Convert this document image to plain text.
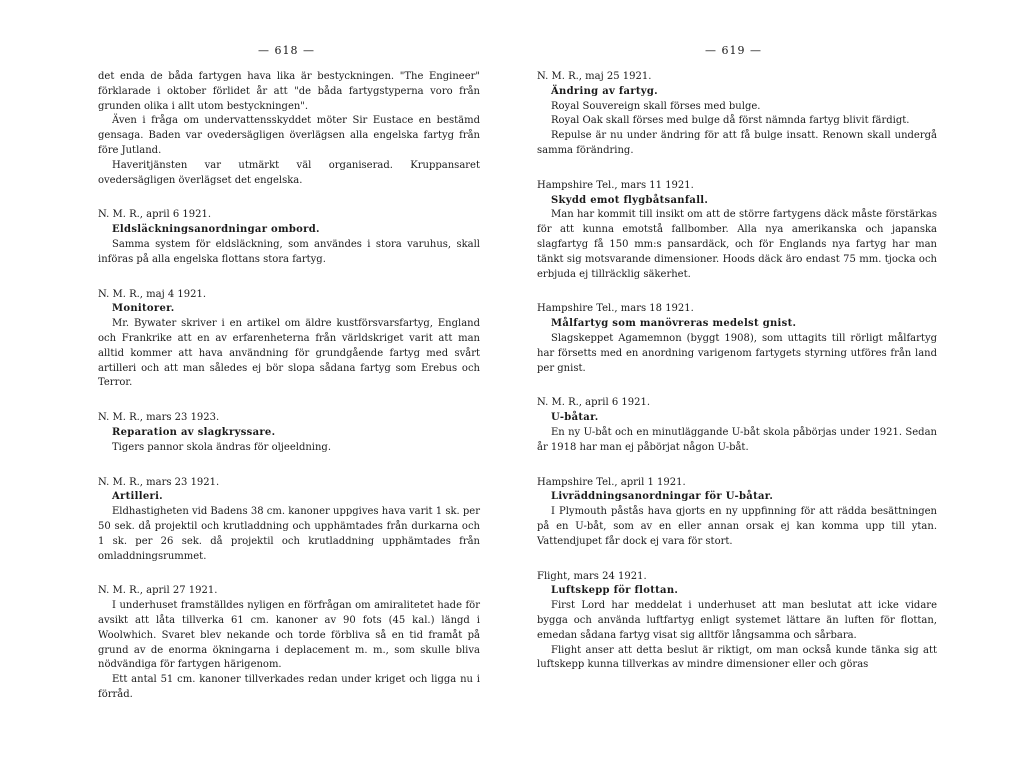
— 618 —
det enda de båda fartygen hava lika är bestyckningen. "The Engineer" förklarade i oktober förlidet år att "de båda fartygstyperna voro från grunden olika i allt utom bestyckningen".
Även i fråga om undervattensskyddet möter Sir Eustace en bestämd gensaga. Baden var ovedersägligen överlägsen alla engelska fartyg från före Jutland.
Haveritjänsten var utmärkt väl organiserad. Kruppansaret ovedersägligen överlägset det engelska.
N. M. R., april 6 1921.
Eldsläckningsanordningar ombord.
Samma system för eldsläckning, som användes i stora varuhus, skall införas på alla engelska flottans stora fartyg.
N. M. R., maj 4 1921.
Monitorer.
Mr. Bywater skriver i en artikel om äldre kustförsvarsfartyg, England och Frankrike att en av erfarenheterna från världskriget varit att man alltid kommer att hava användning för grundgående fartyg med svårt artilleri och att man således ej bör slopa sådana fartyg som Erebus och Terror.
N. M. R., mars 23 1923.
Reparation av slagkryssare.
Tigers pannor skola ändras för oljeeldning.
N. M. R., mars 23 1921.
Artilleri.
Eldhastigheten vid Badens 38 cm. kanoner uppgives hava varit 1 sk. per 50 sek. då projektil och krutladdning och upphämtades från durkarna och 1 sk. per 26 sek. då projektil och krutladdning upphämtades från omladdningsrummet.
N. M. R., april 27 1921.
I underhuset framställdes nyligen en förfrågan om amiralitetet hade för avsikt att låta tillverka 61 cm. kanoner av 90 fots (45 kal.) längd i Woolwhich. Svaret blev nekande och torde förbliva så en tid framåt på grund av de enorma ökningarna i deplacement m. m., som skulle bliva nödvändiga för fartygen härigenom.
Ett antal 51 cm. kanoner tillverkades redan under kriget och ligga nu i förråd.
— 619 —
N. M. R., maj 25 1921.
Ändring av fartyg.
Royal Souvereign skall förses med bulge.
Royal Oak skall förses med bulge då först nämnda fartyg blivit färdigt.
Repulse är nu under ändring för att få bulge insatt. Renown skall undergå samma förändring.
Hampshire Tel., mars 11 1921.
Skydd emot flygbåtsanfall.
Man har kommit till insikt om att de större fartygens däck måste förstärkas för att kunna emotstå fallbomber. Alla nya amerikanska och japanska slagfartyg få 150 mm:s pansardäck, och för Englands nya fartyg har man tänkt sig motsvarande dimensioner. Hoods däck äro endast 75 mm. tjocka och erbjuda ej tillräcklig säkerhet.
Hampshire Tel., mars 18 1921.
Målfartyg som manövreras medelst gnist.
Slagskeppet Agamemnon (byggt 1908), som uttagits till rörligt målfartyg har försetts med en anordning varigenom fartygets styrning utföres från land per gnist.
N. M. R., april 6 1921.
U-båtar.
En ny U-båt och en minutläggande U-båt skola påbörjas under 1921. Sedan år 1918 har man ej påbörjat någon U-båt.
Hampshire Tel., april 1 1921.
Livräddningsanordningar för U-båtar.
I Plymouth påstås hava gjorts en ny uppfinning för att rädda besättningen på en U-båt, som av en eller annan orsak ej kan komma upp till ytan. Vattendjupet får dock ej vara för stort.
Flight, mars 24 1921.
Luftskepp för flottan.
First Lord har meddelat i underhuset att man beslutat att icke vidare bygga och använda luftfartyg enligt systemet lättare än luften för flottan, emedan sådana fartyg visat sig alltför långsamma och sårbara.
Flight anser att detta beslut är riktigt, om man också kunde tänka sig att luftskepp kunna tillverkas av mindre dimensioner eller och göras
